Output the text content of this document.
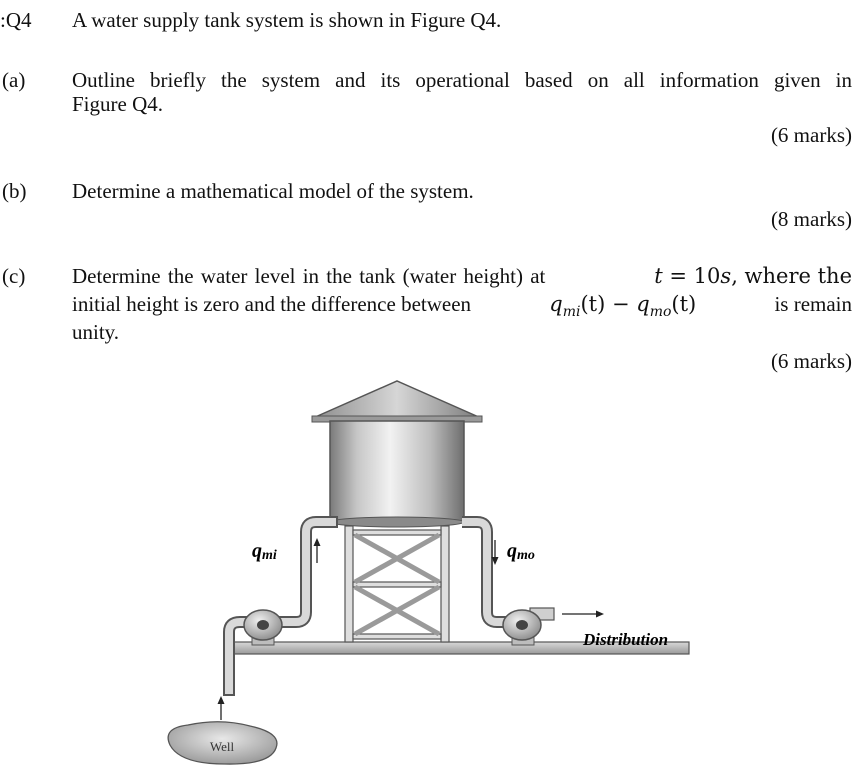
:Q4 A water supply tank system is shown in Figure Q4.
(a) Outline briefly the system and its operational based on all information given in
Figure Q4.
(6 marks)
(b) Determine a mathematical model of the system.
(8 marks)
(c) Determine the water level in the tank (water height) at	t = 10s, where the
initial height is zero and the difference between	$q_{mi}(t) - q_{mo}(t)$	is remain
unity.
(6 marks)
qmi	qmo
Distribution
Well
